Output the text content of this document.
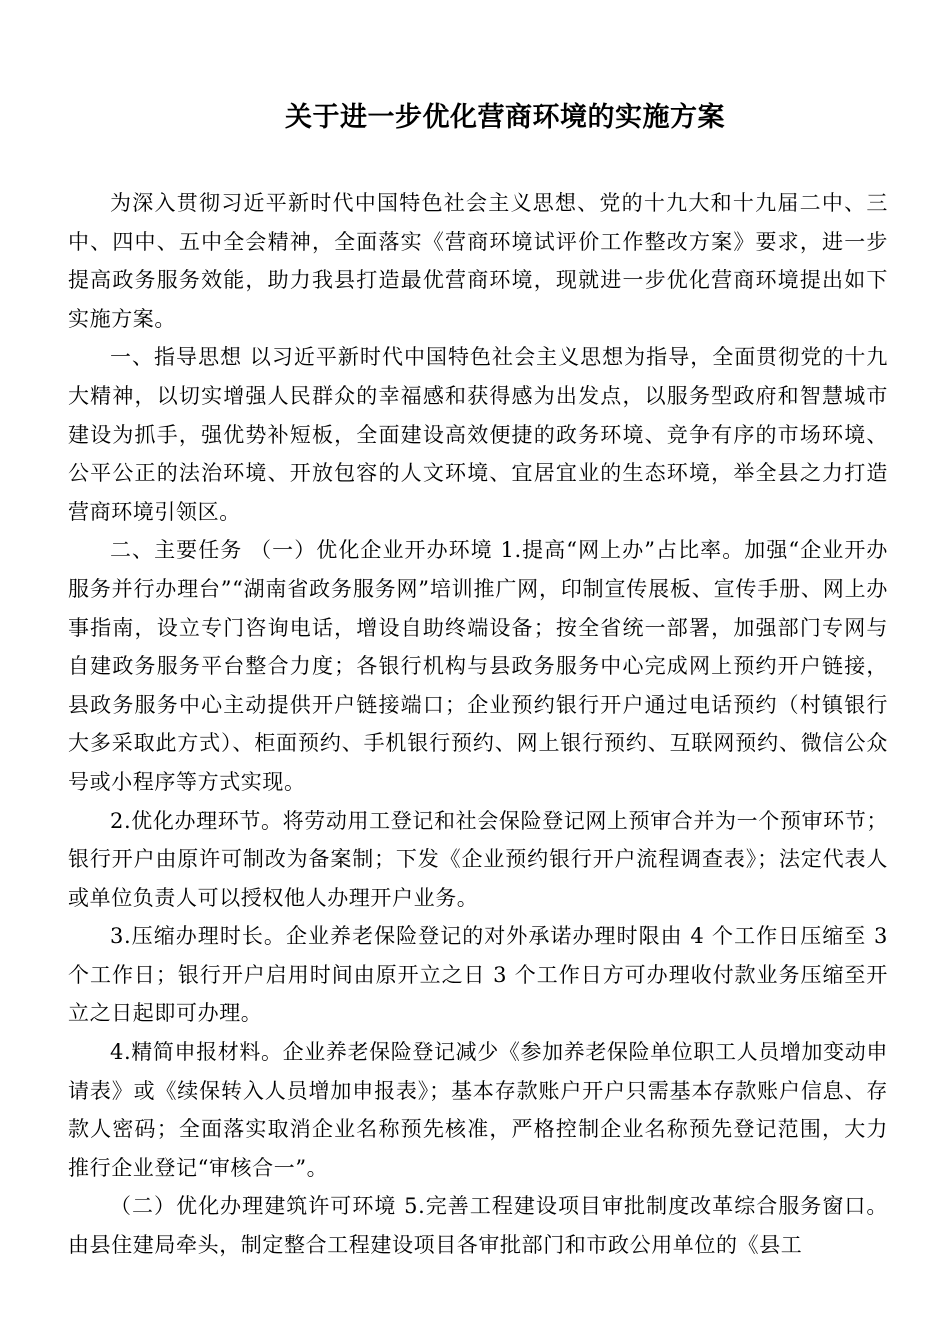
关于进一步优化营商环境的实施方案

为深入贯彻习近平新时代中国特色社会主义思想、党的十九大和十九届二中、三中、四中、五中全会精神，全面落实《营商环境试评价工作整改方案》要求，进一步提高政务服务效能，助力我县打造最优营商环境，现就进一步优化营商环境提出如下实施方案。

一、指导思想 以习近平新时代中国特色社会主义思想为指导，全面贯彻党的十九大精神，以切实增强人民群众的幸福感和获得感为出发点，以服务型政府和智慧城市建设为抓手，强优势补短板，全面建设高效便捷的政务环境、竞争有序的市场环境、公平公正的法治环境、开放包容的人文环境、宜居宜业的生态环境，举全县之力打造营商环境引领区。

二、主要任务 （一）优化企业开办环境 1.提高“网上办”占比率。加强“企业开办服务并行办理台”“湖南省政务服务网”培训推广网，印制宣传展板、宣传手册、网上办事指南，设立专门咨询电话，增设自助终端设备；按全省统一部署，加强部门专网与自建政务服务平台整合力度；各银行机构与县政务服务中心完成网上预约开户链接，县政务服务中心主动提供开户链接端口；企业预约银行开户通过电话预约（村镇银行大多采取此方式）、柜面预约、手机银行预约、网上银行预约、互联网预约、微信公众号或小程序等方式实现。

2.优化办理环节。将劳动用工登记和社会保险登记网上预审合并为一个预审环节；银行开户由原许可制改为备案制；下发《企业预约银行开户流程调查表》；法定代表人或单位负责人可以授权他人办理开户业务。

3.压缩办理时长。企业养老保险登记的对外承诺办理时限由 4 个工作日压缩至 3 个工作日；银行开户启用时间由原开立之日 3 个工作日方可办理收付款业务压缩至开立之日起即可办理。

4.精简申报材料。企业养老保险登记减少《参加养老保险单位职工人员增加变动申请表》或《续保转入人员增加申报表》；基本存款账户开户只需基本存款账户信息、存款人密码；全面落实取消企业名称预先核准，严格控制企业名称预先登记范围，大力推行企业登记“审核合一”。

（二）优化办理建筑许可环境 5.完善工程建设项目审批制度改革综合服务窗口。由县住建局牵头，制定整合工程建设项目各审批部门和市政公用单位的《县工
